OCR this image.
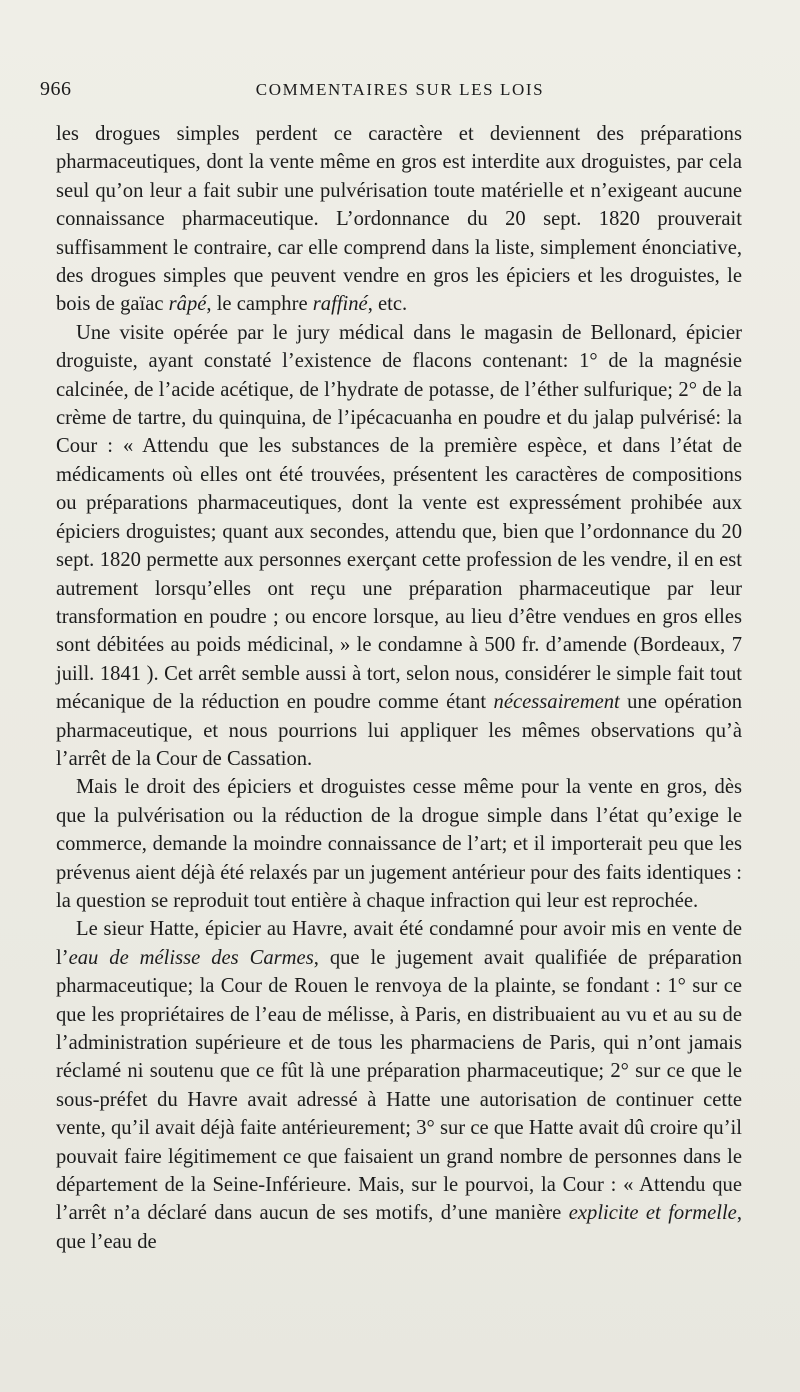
966	COMMENTAIRES SUR LES LOIS

les drogues simples perdent ce caractère et deviennent des préparations pharmaceutiques, dont la vente même en gros est interdite aux droguistes, par cela seul qu’on leur a fait subir une pulvérisation toute matérielle et n’exigeant aucune connaissance pharmaceutique. L’ordonnance du 20 sept. 1820 prouverait suffisamment le contraire, car elle comprend dans la liste, simplement énonciative, des drogues simples que peuvent vendre en gros les épiciers et les droguistes, le bois de gaïac râpé, le camphre raffiné, etc.

Une visite opérée par le jury médical dans le magasin de Bellonard, épicier droguiste, ayant constaté l’existence de flacons contenant: 1° de la magnésie calcinée, de l’acide acétique, de l’hydrate de potasse, de l’éther sulfurique; 2° de la crème de tartre, du quinquina, de l’ipécacuanha en poudre et du jalap pulvérisé: la Cour : « Attendu que les substances de la première espèce, et dans l’état de médicaments où elles ont été trouvées, présentent les caractères de compositions ou préparations pharmaceutiques, dont la vente est expressément prohibée aux épiciers droguistes; quant aux secondes, attendu que, bien que l’ordonnance du 20 sept. 1820 permette aux personnes exerçant cette profession de les vendre, il en est autrement lorsqu’elles ont reçu une préparation pharmaceutique par leur transformation en poudre ; ou encore lorsque, au lieu d’être vendues en gros elles sont débitées au poids médicinal, » le condamne à 500 fr. d’amende (Bordeaux, 7 juill. 1841 ). Cet arrêt semble aussi à tort, selon nous, considérer le simple fait tout mécanique de la réduction en poudre comme étant nécessairement une opération pharmaceutique, et nous pourrions lui appliquer les mêmes observations qu’à l’arrêt de la Cour de Cassation.

Mais le droit des épiciers et droguistes cesse même pour la vente en gros, dès que la pulvérisation ou la réduction de la drogue simple dans l’état qu’exige le commerce, demande la moindre connaissance de l’art; et il importerait peu que les prévenus aient déjà été relaxés par un jugement antérieur pour des faits identiques : la question se reproduit tout entière à chaque infraction qui leur est reprochée.

Le sieur Hatte, épicier au Havre, avait été condamné pour avoir mis en vente de l’eau de mélisse des Carmes, que le jugement avait qualifiée de préparation pharmaceutique; la Cour de Rouen le renvoya de la plainte, se fondant : 1° sur ce que les propriétaires de l’eau de mélisse, à Paris, en distribuaient au vu et au su de l’administration supérieure et de tous les pharmaciens de Paris, qui n’ont jamais réclamé ni soutenu que ce fût là une préparation pharmaceutique; 2° sur ce que le sous-préfet du Havre avait adressé à Hatte une autorisation de continuer cette vente, qu’il avait déjà faite antérieurement; 3° sur ce que Hatte avait dû croire qu’il pouvait faire légitimement ce que faisaient un grand nombre de personnes dans le département de la Seine-Inférieure. Mais, sur le pourvoi, la Cour : « Attendu que l’arrêt n’a déclaré dans aucun de ses motifs, d’une manière explicite et formelle, que l’eau de
